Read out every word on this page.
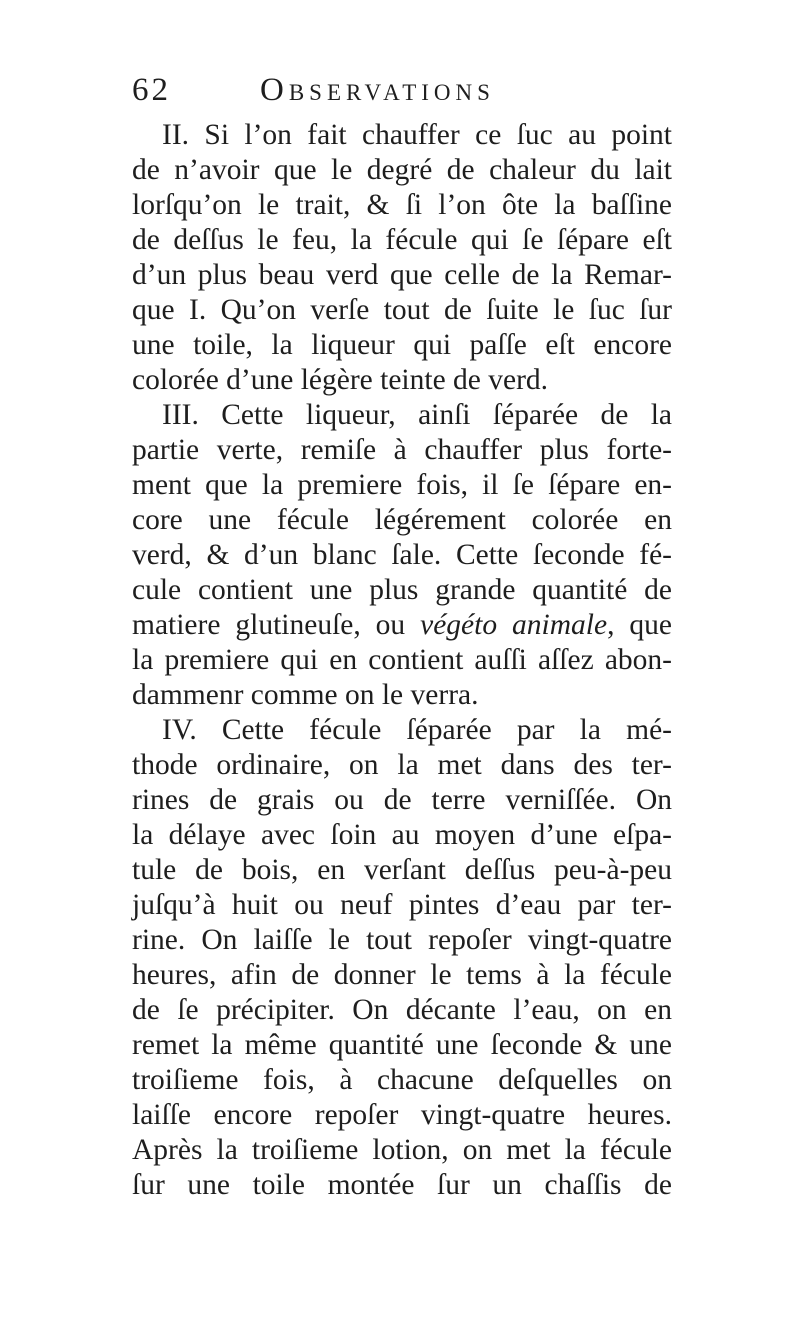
62	Observations
II. Si l’on fait chauffer ce ſuc au point
de n’avoir que le degré de chaleur du lait
lorſqu’on le trait, & ſi l’on ôte la baſſine
de deſſus le feu, la fécule qui ſe ſépare eſt
d’un plus beau verd que celle de la Remar-
que I. Qu’on verſe tout de ſuite le ſuc ſur
une toile, la liqueur qui paſſe eſt encore
colorée d’une légère teinte de verd.
III. Cette liqueur, ainſi ſéparée de la
partie verte, remiſe à chauffer plus forte-
ment que la premiere fois, il ſe ſépare en-
core une fécule légérement colorée en
verd, & d’un blanc ſale. Cette ſeconde fé-
cule contient une plus grande quantité de
matiere glutineuſe, ou végéto animale, que
la premiere qui en contient auſſi aſſez abon-
dammenr comme on le verra.
IV. Cette fécule ſéparée par la mé-
thode ordinaire, on la met dans des ter-
rines de grais ou de terre verniſſée. On
la délaye avec ſoin au moyen d’une eſpa-
tule de bois, en verſant deſſus peu-à-peu
juſqu’à huit ou neuf pintes d’eau par ter-
rine. On laiſſe le tout repoſer vingt-quatre
heures, afin de donner le tems à la fécule
de ſe précipiter. On décante l’eau, on en
remet la même quantité une ſeconde & une
troiſieme fois, à chacune deſquelles on
laiſſe encore repoſer vingt-quatre heures.
Après la troiſieme lotion, on met la fécule
ſur une toile montée ſur un chaſſis de
